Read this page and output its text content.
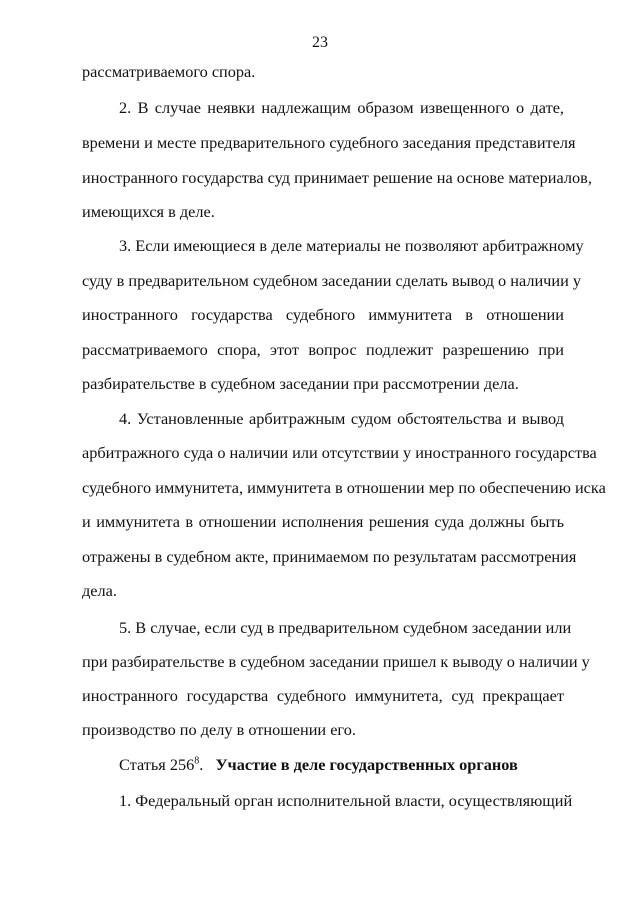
23
рассматриваемого спора.
2. В случае неявки надлежащим образом извещенного о дате,
времени и месте предварительного судебного заседания представителя
иностранного государства суд принимает решение на основе материалов,
имеющихся в деле.
3. Если имеющиеся в деле материалы не позволяют арбитражному
суду в предварительном судебном заседании сделать вывод о наличии у
иностранного государства судебного иммунитета в отношении
рассматриваемого спора, этот вопрос подлежит разрешению при
разбирательстве в судебном заседании при рассмотрении дела.
4. Установленные арбитражным судом обстоятельства и вывод
арбитражного суда о наличии или отсутствии у иностранного государства
судебного иммунитета, иммунитета в отношении мер по обеспечению иска
и иммунитета в отношении исполнения решения суда должны быть
отражены в судебном акте, принимаемом по результатам рассмотрения
дела.
5. В случае, если суд в предварительном судебном заседании или
при разбирательстве в судебном заседании пришел к выводу о наличии у
иностранного государства судебного иммунитета, суд прекращает
производство по делу в отношении его.
Статья $256^8$. Участие в деле государственных органов
1. Федеральный орган исполнительной власти, осуществляющий
